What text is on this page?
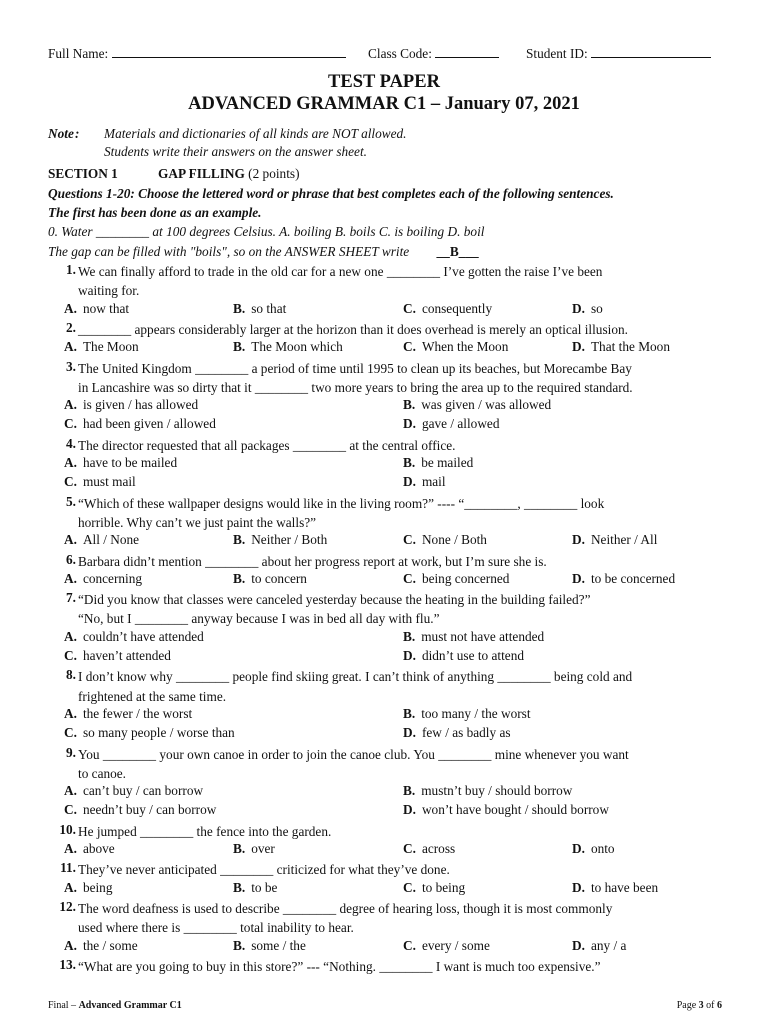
Full Name:	Class Code:	Student ID:
TEST PAPER
ADVANCED GRAMMAR C1 – January 07, 2021
Note : Materials and dictionaries of all kinds are NOT allowed.
Students write their answers on the answer sheet.
SECTION 1	GAP FILLING (2 points)
Questions 1-20: Choose the lettered word or phrase that best completes each of the following sentences.
The first has been done as an example.
0. Water ________ at 100 degrees Celsius. A. boiling B. boils C. is boiling D. boil
The gap can be filled with "boils", so on the ANSWER SHEET write __B___
1. We can finally afford to trade in the old car for a new one ________ I’ve gotten the raise I’ve been
waiting for.
A. now that	B. so that	C. consequently	D. so
2. ________ appears considerably larger at the horizon than it does overhead is merely an optical illusion.
A. The Moon	B. The Moon which	C. When the Moon	D. That the Moon
3. The United Kingdom ________ a period of time until 1995 to clean up its beaches, but Morecambe Bay
in Lancashire was so dirty that it ________ two more years to bring the area up to the required standard.
A. is given / has allowed	B. was given / was allowed
C. had been given / allowed	D. gave / allowed
4. The director requested that all packages ________ at the central office.
A. have to be mailed	B. be mailed
C. must mail	D. mail
5. “Which of these wallpaper designs would like in the living room?” ---- “________, ________ look
horrible. Why can’t we just paint the walls?”
A. All / None	B. Neither / Both	C. None / Both	D. Neither / All
6. Barbara didn’t mention ________ about her progress report at work, but I’m sure she is.
A. concerning	B. to concern	C. being concerned	D. to be concerned
7. “Did you know that classes were canceled yesterday because the heating in the building failed?”
“No, but I ________ anyway because I was in bed all day with flu.”
A. couldn’t have attended	B. must not have attended
C. haven’t attended	D. didn’t use to attend
8. I don’t know why ________ people find skiing great. I can’t think of anything ________ being cold and
frightened at the same time.
A. the fewer / the worst	B. too many / the worst
C. so many people / worse than	D. few / as badly as
9. You ________ your own canoe in order to join the canoe club. You ________ mine whenever you want
to canoe.
A. can’t buy / can borrow	B. mustn’t buy / should borrow
C. needn’t buy / can borrow	D. won’t have bought / should borrow
10. He jumped ________ the fence into the garden.
A. above	B. over	C. across	D. onto
11. They’ve never anticipated ________ criticized for what they’ve done.
A. being	B. to be	C. to being	D. to have been
12. The word deafness is used to describe ________ degree of hearing loss, though it is most commonly
used where there is ________ total inability to hear.
A. the / some	B. some / the	C. every / some	D. any / a
13. “What are you going to buy in this store?” --- “Nothing. ________ I want is much too expensive.”
Final – Advanced Grammar C1	Page 3 of 6
